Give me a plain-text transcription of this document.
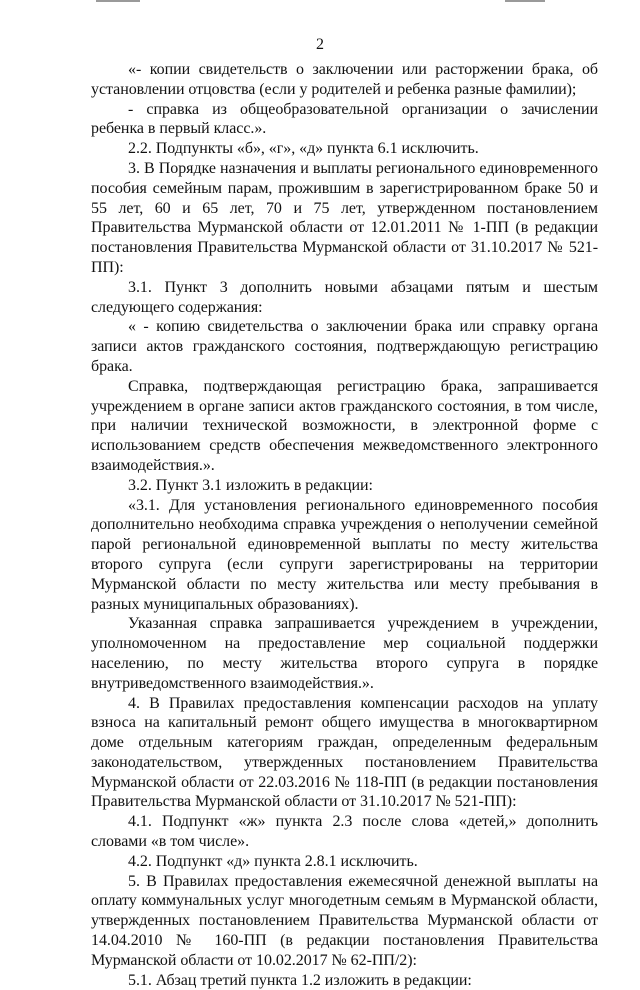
2

«- копии свидетельств о заключении или расторжении брака, об установлении отцовства (если у родителей и ребенка разные фамилии);

- справка из общеобразовательной организации о зачислении ребенка в первый класс.».

2.2. Подпункты «б», «г», «д» пункта 6.1 исключить.

3. В Порядке назначения и выплаты регионального единовременного пособия семейным парам, прожившим в зарегистрированном браке 50 и 55 лет, 60 и 65 лет, 70 и 75 лет, утвержденном постановлением Правительства Мурманской области от 12.01.2011 № 1-ПП (в редакции постановления Правительства Мурманской области от 31.10.2017 № 521-ПП):

3.1. Пункт 3 дополнить новыми абзацами пятым и шестым следующего содержания:

« - копию свидетельства о заключении брака или справку органа записи актов гражданского состояния, подтверждающую регистрацию брака.

Справка, подтверждающая регистрацию брака, запрашивается учреждением в органе записи актов гражданского состояния, в том числе, при наличии технической возможности, в электронной форме с использованием средств обеспечения межведомственного электронного взаимодействия.».

3.2. Пункт 3.1 изложить в редакции:

«3.1. Для установления регионального единовременного пособия дополнительно необходима справка учреждения о неполучении семейной парой региональной единовременной выплаты по месту жительства второго супруга (если супруги зарегистрированы на территории Мурманской области по месту жительства или месту пребывания в разных муниципальных образованиях).

Указанная справка запрашивается учреждением в учреждении, уполномоченном на предоставление мер социальной поддержки населению, по месту жительства второго супруга в порядке внутриведомственного взаимодействия.».

4. В Правилах предоставления компенсации расходов на уплату взноса на капитальный ремонт общего имущества в многоквартирном доме отдельным категориям граждан, определенным федеральным законодательством, утвержденных постановлением Правительства Мурманской области от 22.03.2016 № 118-ПП (в редакции постановления Правительства Мурманской области от 31.10.2017 № 521-ПП):

4.1. Подпункт «ж» пункта 2.3 после слова «детей,» дополнить словами «в том числе».

4.2. Подпункт «д» пункта 2.8.1 исключить.

5. В Правилах предоставления ежемесячной денежной выплаты на оплату коммунальных услуг многодетным семьям в Мурманской области, утвержденных постановлением Правительства Мурманской области от 14.04.2010 № 160-ПП (в редакции постановления Правительства Мурманской области от 10.02.2017 № 62-ПП/2):

5.1. Абзац третий пункта 1.2 изложить в редакции:
